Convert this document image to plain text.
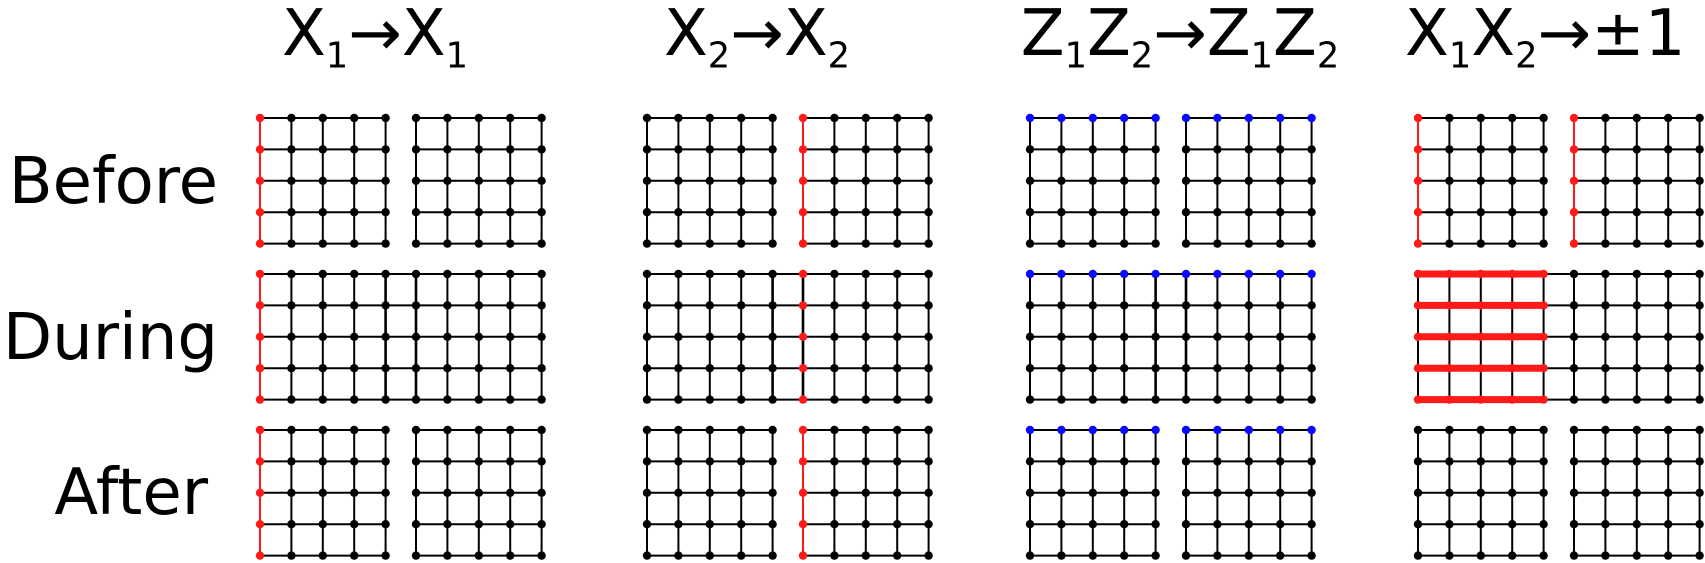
$X_1\to X_1$	$X_2\to X_2$	$Z_1Z_2\to Z_1Z_2$	$X_1X_2\to\pm 1$
Before
During
After
